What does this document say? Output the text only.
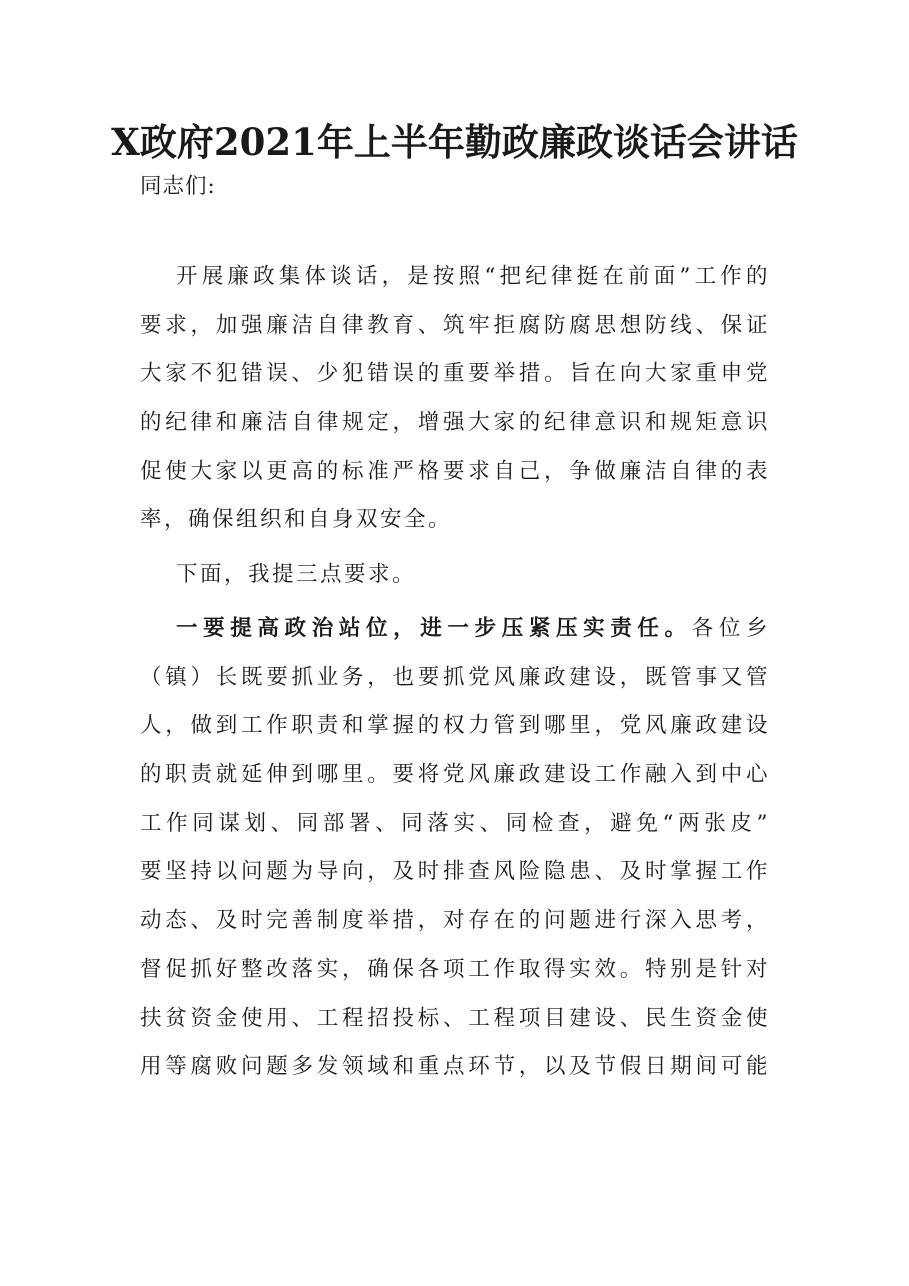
X政府2021年上半年勤政廉政谈话会讲话
同志们:
开展廉政集体谈话，是按照“把纪律挺在前面”工作的
要求，加强廉洁自律教育、筑牢拒腐防腐思想防线、保证
大家不犯错误、少犯错误的重要举措。旨在向大家重申党
的纪律和廉洁自律规定，增强大家的纪律意识和规矩意识
促使大家以更高的标准严格要求自己，争做廉洁自律的表
率，确保组织和自身双安全。
下面，我提三点要求。
一要提高政治站位，进一步压紧压实责任。各位乡
（镇）长既要抓业务，也要抓党风廉政建设，既管事又管
人，做到工作职责和掌握的权力管到哪里，党风廉政建设
的职责就延伸到哪里。要将党风廉政建设工作融入到中心
工作同谋划、同部署、同落实、同检查，避免“两张皮”
要坚持以问题为导向，及时排查风险隐患、及时掌握工作
动态、及时完善制度举措，对存在的问题进行深入思考，
督促抓好整改落实，确保各项工作取得实效。特别是针对
扶贫资金使用、工程招投标、工程项目建设、民生资金使
用等腐败问题多发领域和重点环节，以及节假日期间可能
